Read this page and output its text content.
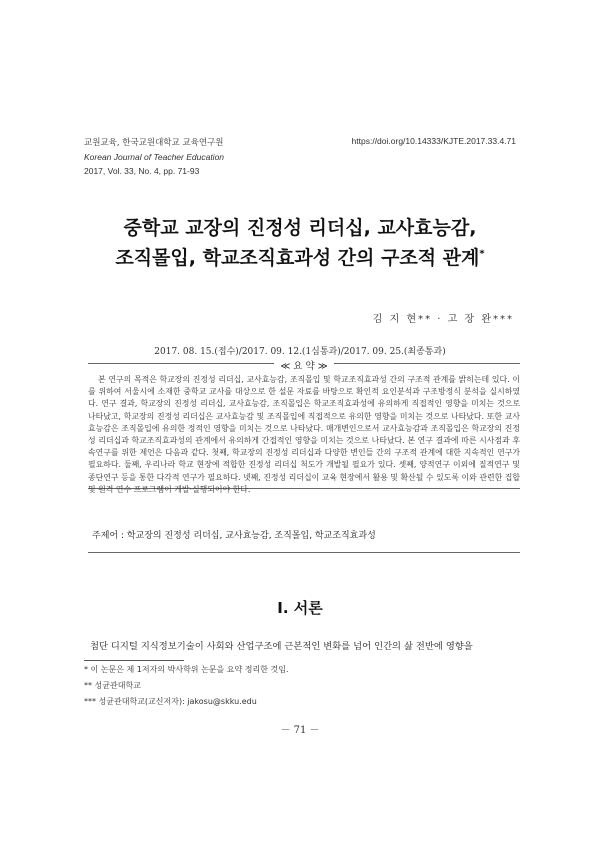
교원교육, 한국교원대학교 교육연구원
Korean Journal of Teacher Education
2017, Vol. 33, No. 4, pp. 71-93
https://doi.org/10.14333/KJTE.2017.33.4.71
중학교 교장의 진정성 리더십, 교사효능감,
조직몰입, 학교조직효과성 간의 구조적 관계*
김 지 현** · 고 장 완***
2017. 08. 15.(접수)/2017. 09. 12.(1심통과)/2017. 09. 25.(최종통과)
≪ 요 약 ≫

본 연구의 목적은 학교장의 진정성 리더십, 교사효능감, 조직몰입 및 학교조직효과성 간의 구조적 관계를 밝히는데 있다. 이를 위하여 서울시에 소재한 중학교 교사를 대상으로 한 설문 자료를 바탕으로 확인적 요인분석과 구조방정식 분석을 실시하였다. 연구 결과, 학교장의 진정성 리더십, 교사효능감, 조직몰입은 학교조직효과성에 유의하게 직접적인 영향을 미치는 것으로 나타났고, 학교장의 진정성 리더십은 교사효능감 및 조직몰입에 직접적으로 유의한 영향을 미치는 것으로 나타났다. 또한 교사효능감은 조직몰입에 유의한 정적인 영향을 미치는 것으로 나타났다. 매개변인으로서 교사효능감과 조직몰입은 학교장의 진정성 리더십과 학교조직효과성의 관계에서 유의하게 간접적인 영향을 미치는 것으로 나타났다. 본 연구 결과에 따른 시사점과 후속연구를 위한 제언은 다음과 같다. 첫째, 학교장의 진정성 리더십과 다양한 변인들 간의 구조적 관계에 대한 지속적인 연구가 필요하다. 둘째, 우리나라 학교 현장에 적합한 진정성 리더십 척도가 개발될 필요가 있다. 셋째, 양적연구 이외에 질적연구 및 종단연구 등을 통한 다각적 연구가 필요하다. 넷째, 진정성 리더십이 교육 현장에서 활용 및 확산될 수 있도록 이와 관련한 집합 및 원격 연수 프로그램이 개발·실행되어야 한다.

주제어 : 학교장의 진정성 리더십, 교사효능감, 조직몰입, 학교조직효과성
Ⅰ. 서론
첨단 디지털 지식정보기술이 사회와 산업구조에 근본적인 변화를 넘어 인간의 삶 전반에 영향을
* 이 논문은 제 1저자의 박사학위 논문을 요약 정리한 것임.
** 성균관대학교
*** 성균관대학교(교신저자): jakosu@skku.edu
－ 71 －
